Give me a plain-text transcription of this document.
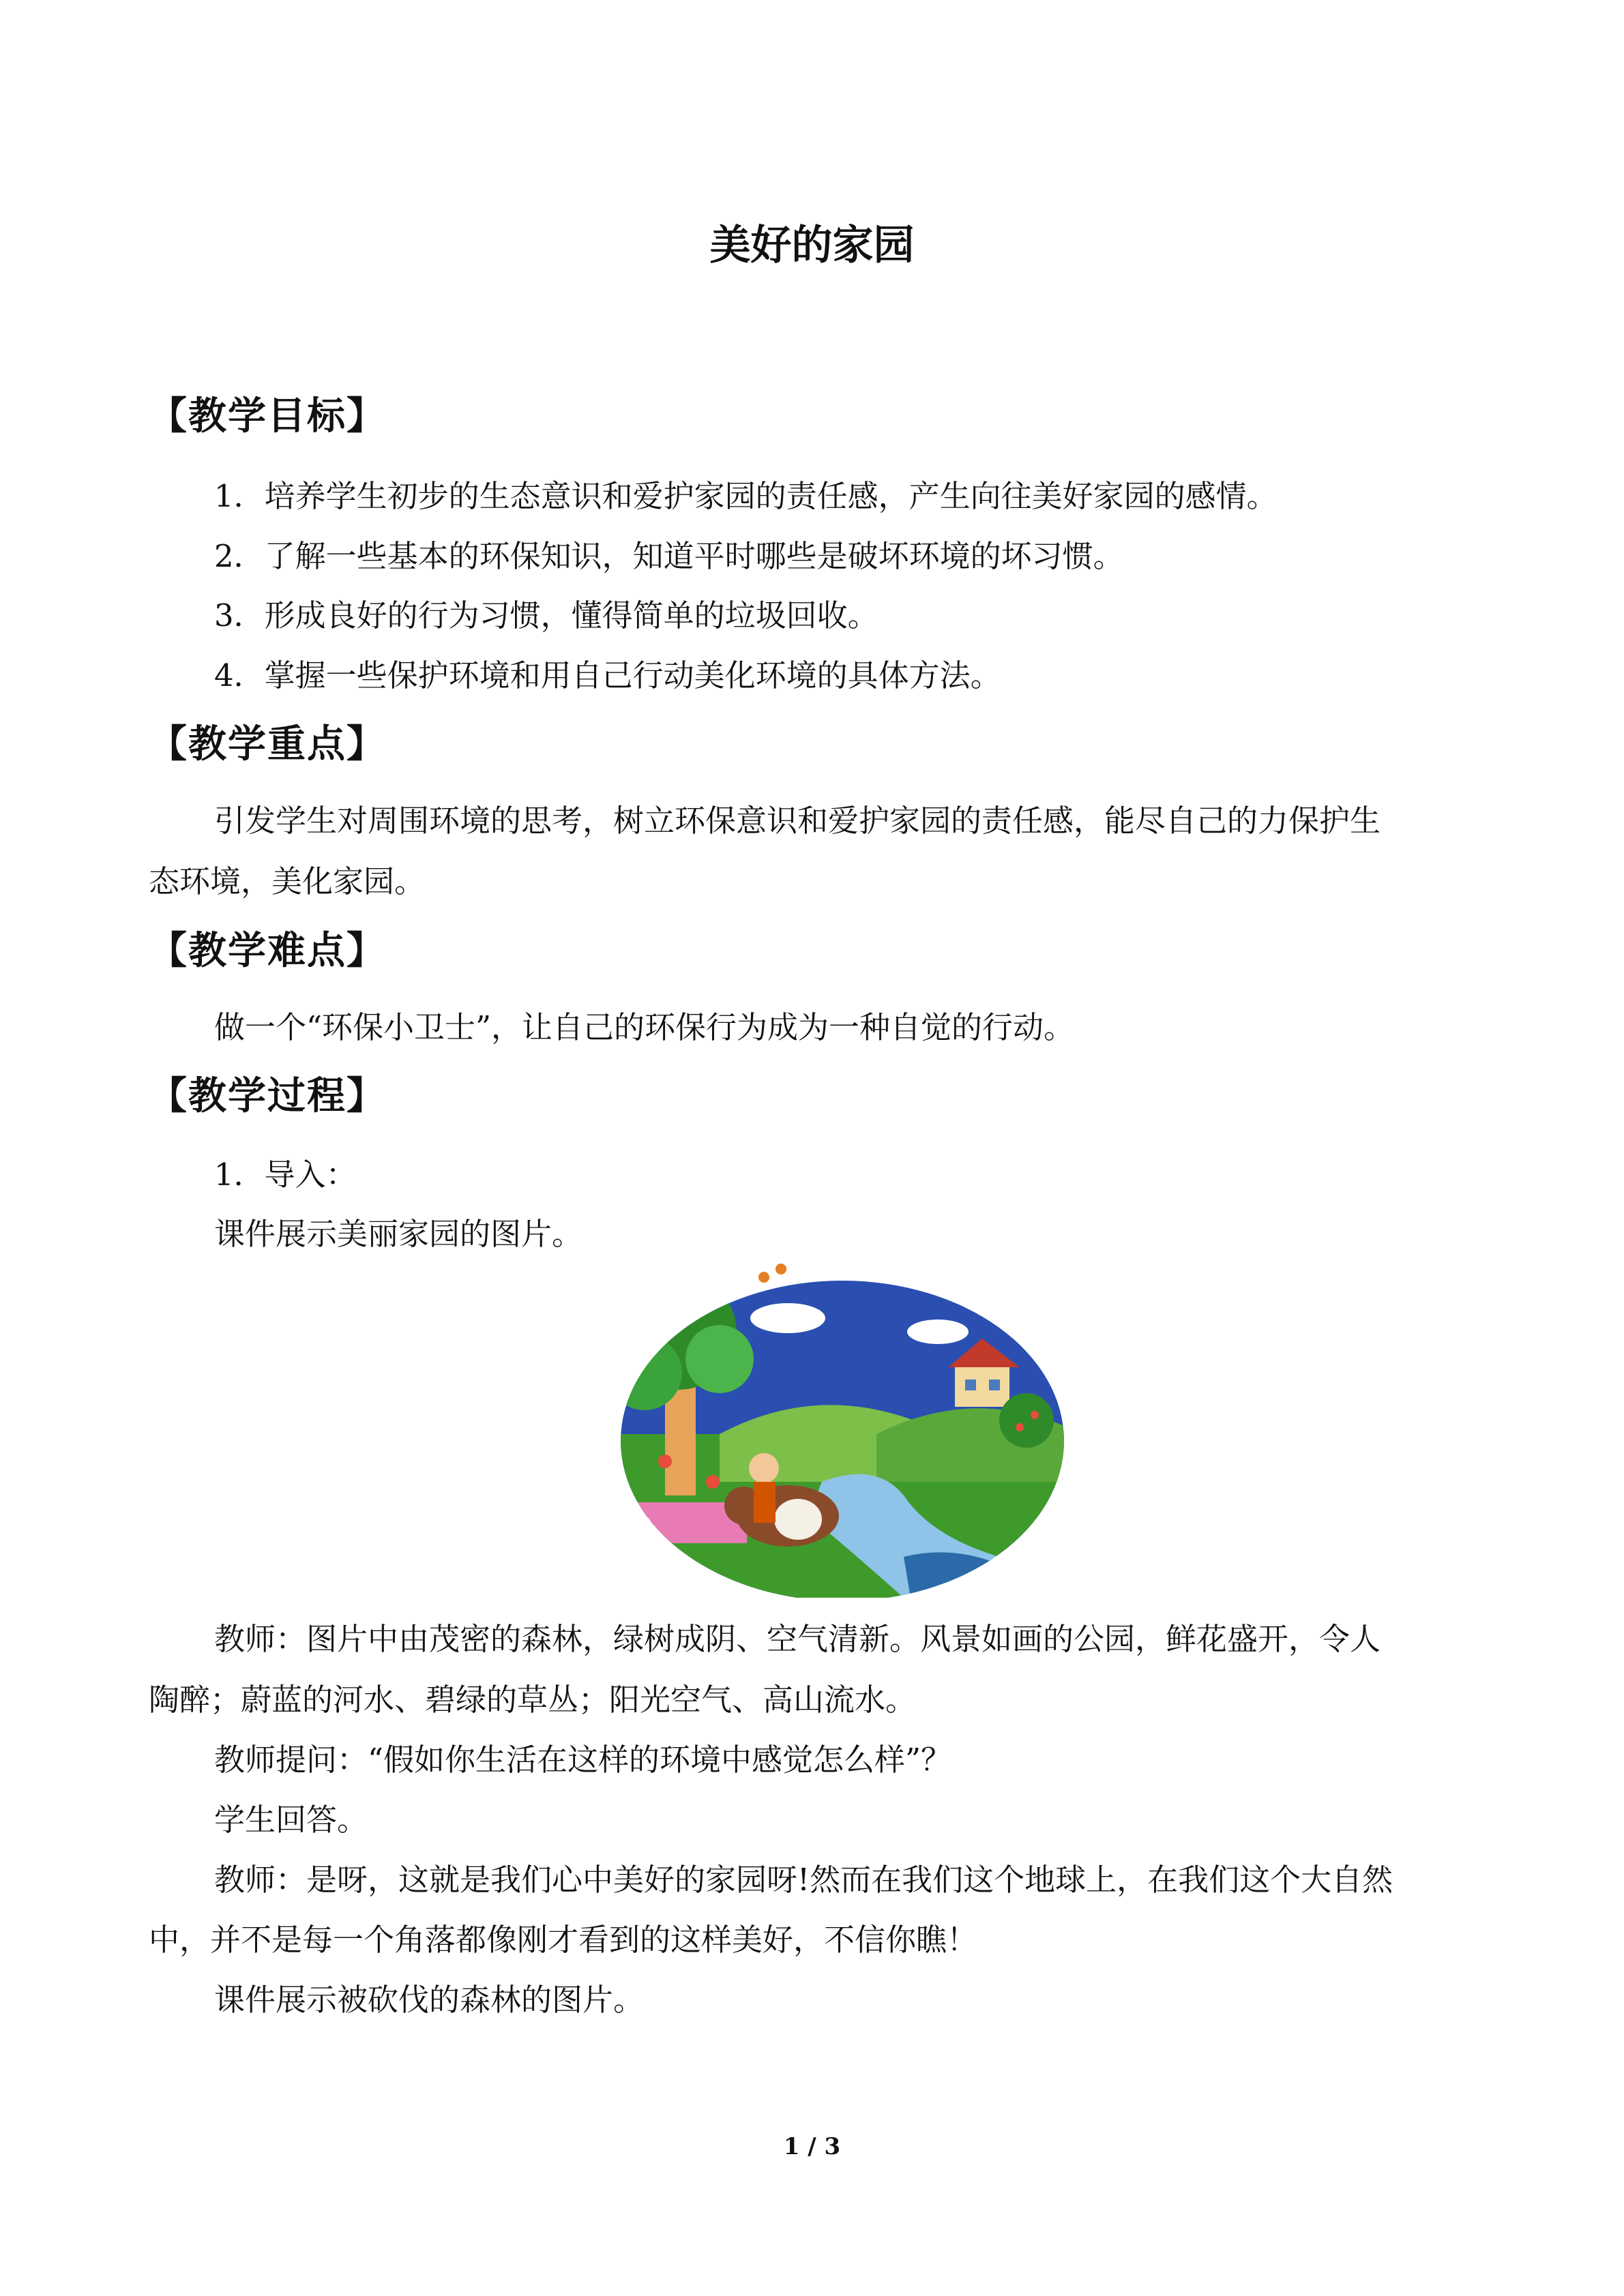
美好的家园
【教学目标】
1．培养学生初步的生态意识和爱护家园的责任感，产生向往美好家园的感情。
2．了解一些基本的环保知识，知道平时哪些是破坏环境的坏习惯。
3．形成良好的行为习惯，懂得简单的垃圾回收。
4．掌握一些保护环境和用自己行动美化环境的具体方法。
【教学重点】
引发学生对周围环境的思考，树立环保意识和爱护家园的责任感，能尽自己的力保护生
态环境，美化家园。
【教学难点】
做一个“环保小卫士”，让自己的环保行为成为一种自觉的行动。
【教学过程】
1．导入：
课件展示美丽家园的图片。
教师：图片中由茂密的森林，绿树成阴、空气清新。风景如画的公园，鲜花盛开，令人
陶醉；蔚蓝的河水、碧绿的草丛；阳光空气、高山流水。
教师提问：“假如你生活在这样的环境中感觉怎么样”？
学生回答。
教师：是呀，这就是我们心中美好的家园呀!然而在我们这个地球上，在我们这个大自然
中，并不是每一个角落都像刚才看到的这样美好，不信你瞧！
课件展示被砍伐的森林的图片。
1 / 3
